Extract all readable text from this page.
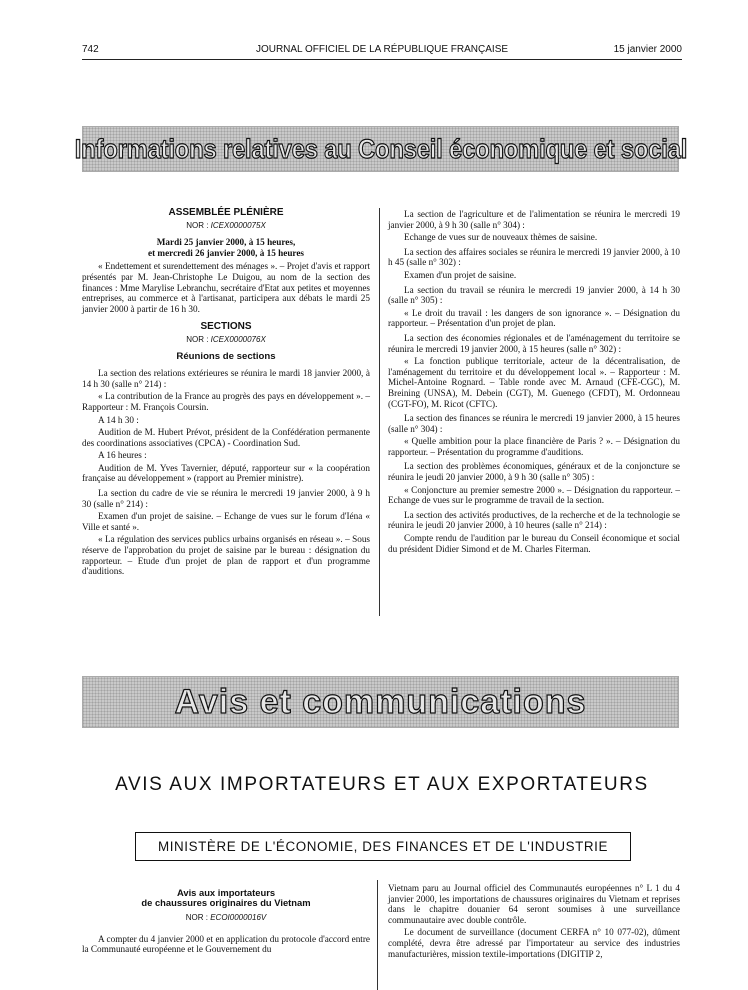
742	JOURNAL OFFICIEL DE LA RÉPUBLIQUE FRANÇAISE	15 janvier 2000
Informations relatives au Conseil économique et social
ASSEMBLÉE PLÉNIÈRE
NOR : ICEX0000075X
Mardi 25 janvier 2000, à 15 heures,
et mercredi 26 janvier 2000, à 15 heures

« Endettement et surendettement des ménages ». – Projet d'avis et rapport présentés par M. Jean-Christophe Le Duigou, au nom de la section des finances : Mme Marylise Lebranchu, secrétaire d'Etat aux petites et moyennes entreprises, au commerce et à l'artisanat, participera aux débats le mardi 25 janvier 2000 à partir de 16 h 30.

SECTIONS
NOR : ICEX0000076X
Réunions de sections

La section des relations extérieures se réunira le mardi 18 janvier 2000, à 14 h 30 (salle n° 214) :

« La contribution de la France au progrès des pays en développement ». – Rapporteur : M. François Coursin.

A 14 h 30 :

Audition de M. Hubert Prévot, président de la Confédération permanente des coordinations associatives (CPCA) - Coordination Sud.

A 16 heures :

Audition de M. Yves Tavernier, député, rapporteur sur « la coopération française au développement » (rapport au Premier ministre).

La section du cadre de vie se réunira le mercredi 19 janvier 2000, à 9 h 30 (salle n° 214) :

Examen d'un projet de saisine. – Echange de vues sur le forum d'Iéna « Ville et santé ».

« La régulation des services publics urbains organisés en réseau ». – Sous réserve de l'approbation du projet de saisine par le bureau : désignation du rapporteur. – Etude d'un projet de plan de rapport et d'un programme d'auditions.

La section de l'agriculture et de l'alimentation se réunira le mercredi 19 janvier 2000, à 9 h 30 (salle n° 304) :

Echange de vues sur de nouveaux thèmes de saisine.

La section des affaires sociales se réunira le mercredi 19 janvier 2000, à 10 h 45 (salle n° 302) :

Examen d'un projet de saisine.

La section du travail se réunira le mercredi 19 janvier 2000, à 14 h 30 (salle n° 305) :

« Le droit du travail : les dangers de son ignorance ». – Désignation du rapporteur. – Présentation d'un projet de plan.

La section des économies régionales et de l'aménagement du territoire se réunira le mercredi 19 janvier 2000, à 15 heures (salle n° 302) :

« La fonction publique territoriale, acteur de la décentralisation, de l'aménagement du territoire et du développement local ». – Rapporteur : M. Michel-Antoine Rognard. – Table ronde avec M. Arnaud (CFE-CGC), M. Breining (UNSA), M. Debein (CGT), M. Guenego (CFDT), M. Ordonneau (CGT-FO), M. Ricot (CFTC).

La section des finances se réunira le mercredi 19 janvier 2000, à 15 heures (salle n° 304) :

« Quelle ambition pour la place financière de Paris ? ». – Désignation du rapporteur. – Présentation du programme d'auditions.

La section des problèmes économiques, généraux et de la conjoncture se réunira le jeudi 20 janvier 2000, à 9 h 30 (salle n° 305) :

« Conjoncture au premier semestre 2000 ». – Désignation du rapporteur. – Echange de vues sur le programme de travail de la section.

La section des activités productives, de la recherche et de la technologie se réunira le jeudi 20 janvier 2000, à 10 heures (salle n° 214) :

Compte rendu de l'audition par le bureau du Conseil économique et social du président Didier Simond et de M. Charles Fiterman.

Avis et communications
AVIS AUX IMPORTATEURS ET AUX EXPORTATEURS
MINISTÈRE DE L'ÉCONOMIE, DES FINANCES ET DE L'INDUSTRIE
Avis aux importateurs
de chaussures originaires du Vietnam
NOR : ECOI0000016V

A compter du 4 janvier 2000 et en application du protocole d'accord entre la Communauté européenne et le Gouvernement du

Vietnam paru au Journal officiel des Communautés européennes n° L 1 du 4 janvier 2000, les importations de chaussures originaires du Vietnam et reprises dans le chapitre douanier 64 seront soumises à une surveillance communautaire avec double contrôle.

Le document de surveillance (document CERFA n° 10 077-02), dûment complété, devra être adressé par l'importateur au service des industries manufacturières, mission textile-importations (DIGITIP 2,
